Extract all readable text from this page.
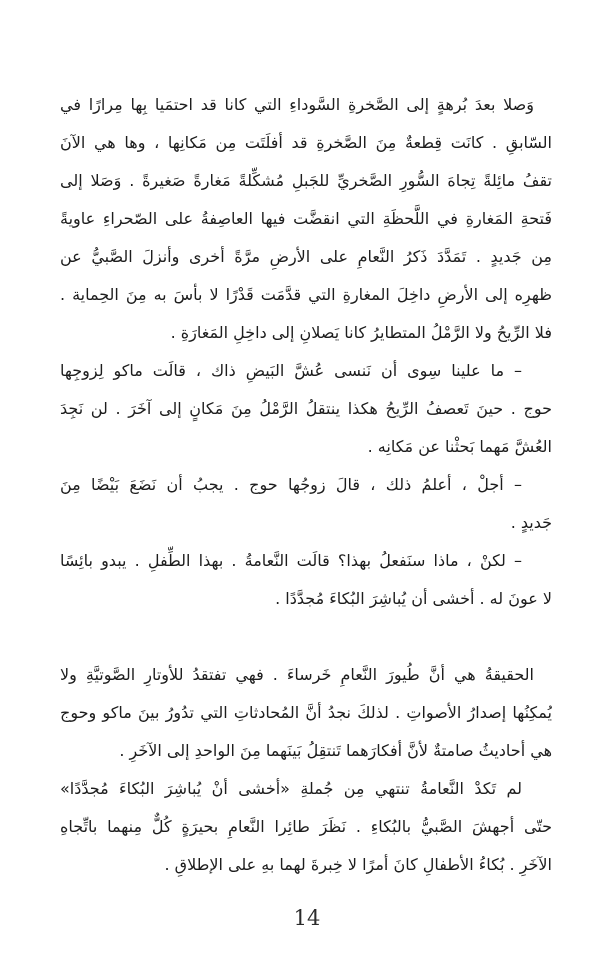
وَصلا بعدَ بُرهةٍ إلى الصَّخرةِ السَّوداءِ التي كانا قد احتمَيا بِها مِرارًا في
السّابقِ . كانَت قِطعةٌ مِنَ الصَّخرةِ قد أفلَتَت مِن مَكانِها ، وها هي الآنَ
تقفُ مائِلةً تِجاهَ السُّورِ الصَّخريِّ للجَبلِ مُشكِّلةً مَغارةً صَغيرةً . وَصَلا إلى
فَتحةِ المَغارةِ في اللَّحظَةِ التي انقضَّت فيها العاصِفةُ على الصّحراءِ عاويةً
مِن جَديدٍ . تَمَدَّدَ ذَكرُ النَّعامِ على الأرضِ مرَّةً أخرى وأنزلَ الصَّبيُّ عن
ظهرِه إلى الأرضِ داخِلَ المغارةِ التي قدَّمَت قَدْرًا لا بأسَ به مِنَ الحِماية .
فلا الرِّيحُ ولا الرَّمْلُ المتطايرُ كانا يَصلانِ إلى داخِلِ المَغارَةِ .
– ما علينا سِوى أن نَنسى عُشَّ البَيضِ ذاك ، قالَت ماكو لِزوجِها
حوج . حينَ تَعصفُ الرِّيحُ هكذا ينتقلُ الرَّمْلُ مِنَ مَكانٍ إلى آخَرَ . لن نَجِدَ
العُشَّ مَهما بَحثْنا عن مَكانِه .
– أجلْ ، أعلمُ ذلك ، قالَ زوجُها حوج . يجبُ أن نَضَعَ بَيْضًا مِنَ
جَديدٍ .
– لكنْ ، ماذا سنَفعلُ بهذا؟ قالَت النَّعامةُ . بهذا الطِّفلِ . يبدو بائِسًا
لا عونَ له . أخشى أن يُباشِرَ البُكاءَ مُجدَّدًا .
الحقيقةُ هي أنَّ طُيورَ النَّعامِ خَرساءَ . فهي تفتقدُ للأوتارِ الصَّوتيَّةِ ولا
يُمكِنُها إصدارُ الأصواتِ . لذلكَ نجدُ أنَّ المُحادثاتِ التي تدُورُ بينَ ماكو وحوج
هي أحاديثُ صامتةٌ لأنَّ أفكارَهما تَنتقِلُ بَينَهما مِنَ الواحدِ إلى الآخَرِ .
لم تَكدْ النَّعامةُ تنتهي مِن جُملةِ «أخشى أنْ يُباشِرَ البُكاءَ مُجدَّدًا»
حتّى أجهشَ الصَّبيُّ بالبُكاءِ . نَظَرَ طائِرا النَّعامِ بحيرَةٍ كُلٌّ مِنهما باتِّجاهِ
الآخَرِ . بُكاءُ الأطفالِ كانَ أمرًا لا خِبرةَ لهما بهِ على الإطلاقِ .
14
